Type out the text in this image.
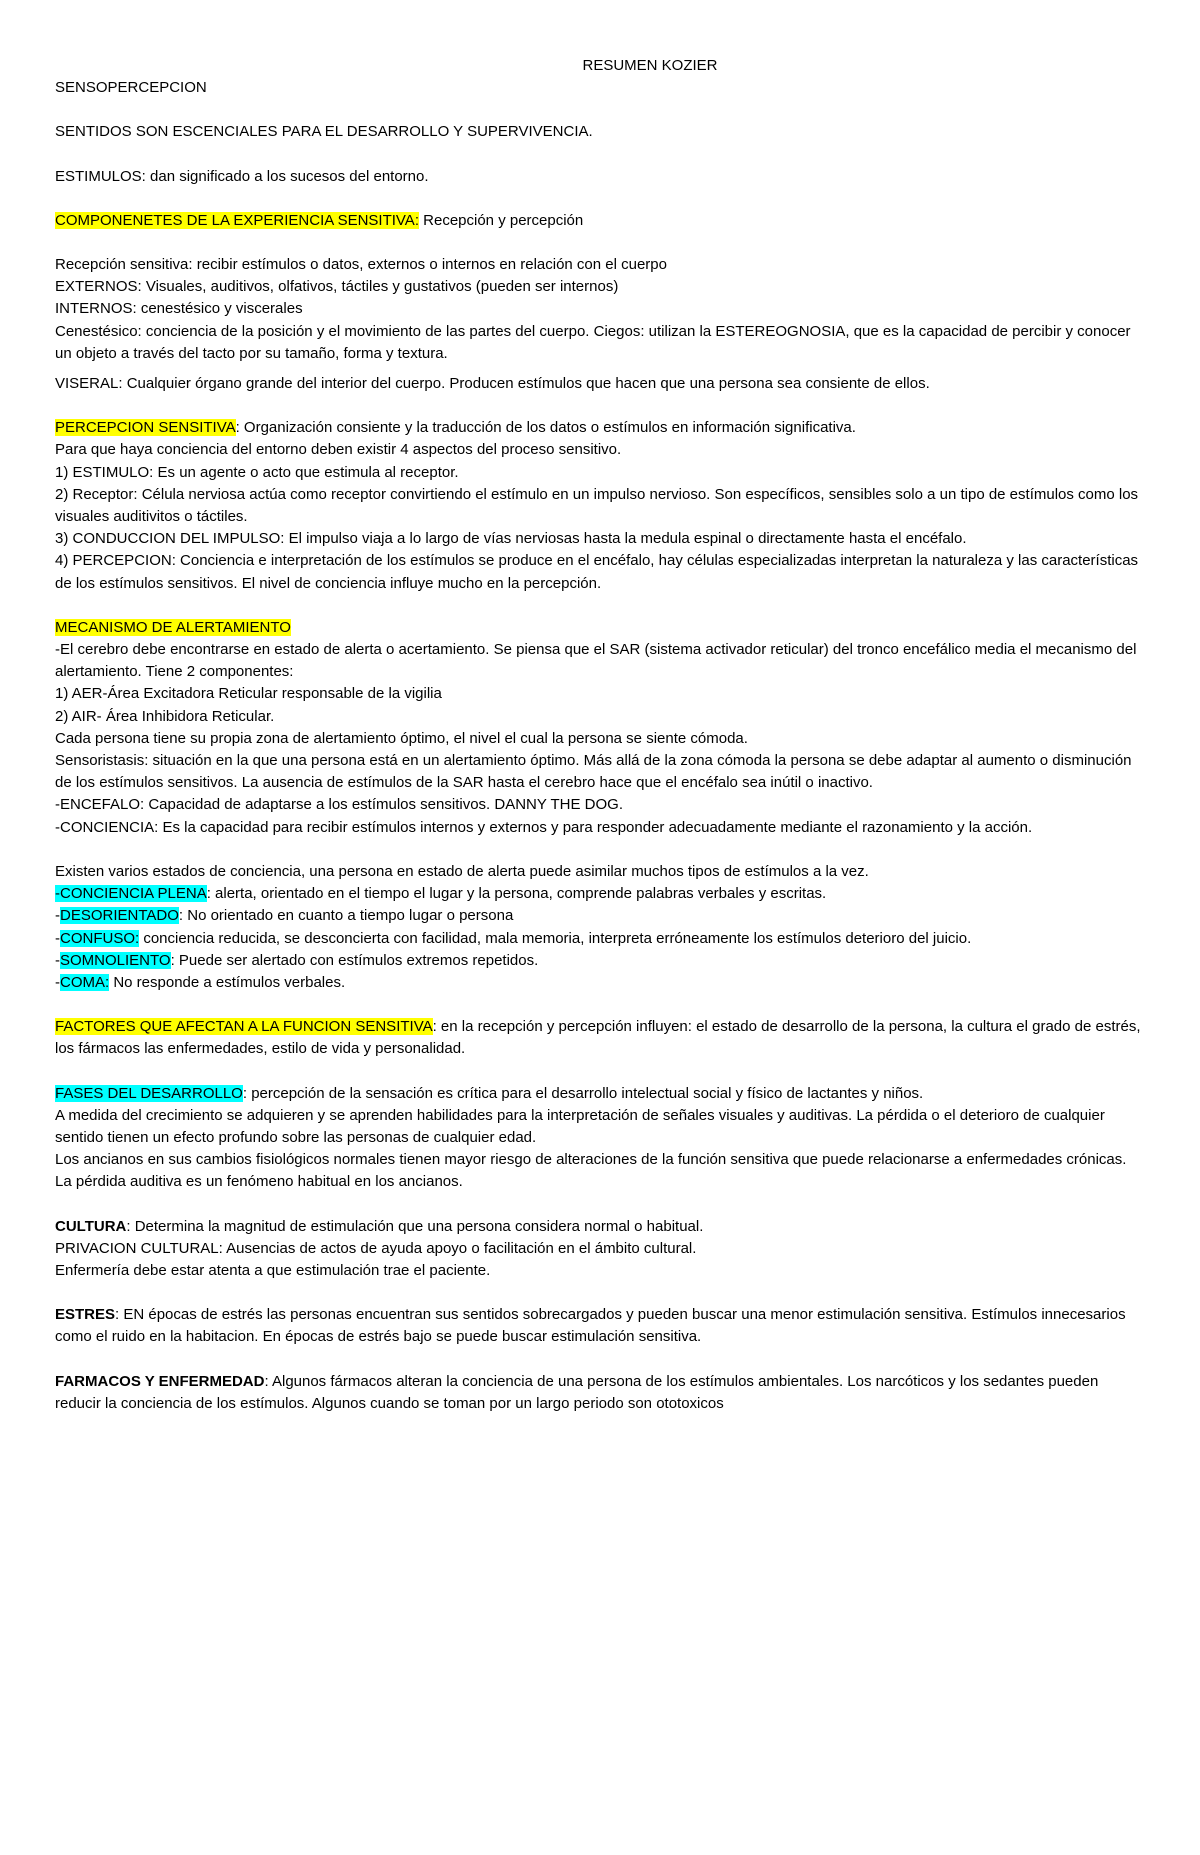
RESUMEN KOZIER

SENSOPERCEPCION

SENTIDOS SON ESCENCIALES PARA EL DESARROLLO Y SUPERVIVENCIA.

ESTIMULOS: dan significado a los sucesos del entorno.

COMPONENETES DE LA EXPERIENCIA SENSITIVA: Recepción y percepción

Recepción sensitiva: recibir estímulos o datos, externos o internos en relación con el cuerpo

EXTERNOS: Visuales, auditivos, olfativos, táctiles y gustativos (pueden ser internos)

INTERNOS: cenestésico y viscerales

Cenestésico: conciencia de la posición y el movimiento de las partes del cuerpo. Ciegos: utilizan la ESTEREOGNOSIA, que es la capacidad de percibir y conocer un objeto a través del tacto por su tamaño, forma y textura.

VISERAL: Cualquier órgano grande del interior del cuerpo. Producen estímulos que hacen que una persona sea consiente de ellos.

PERCEPCION SENSITIVA: Organización consiente y la traducción de los datos o estímulos en información significativa.

Para que haya conciencia del entorno deben existir 4 aspectos del proceso sensitivo.

1) ESTIMULO: Es un agente o acto que estimula al receptor.

2) Receptor: Célula nerviosa actúa como receptor convirtiendo el estímulo en un impulso nervioso. Son específicos, sensibles solo a un tipo de estímulos como los visuales auditivitos o táctiles.

3) CONDUCCION DEL IMPULSO: El impulso viaja a lo largo de vías nerviosas hasta la medula espinal o directamente hasta el encéfalo.

4) PERCEPCION: Conciencia e interpretación de los estímulos se produce en el encéfalo, hay células especializadas interpretan la naturaleza y las características de los estímulos sensitivos. El nivel de conciencia influye mucho en la percepción.

MECANISMO DE ALERTAMIENTO

-El cerebro debe encontrarse en estado de alerta o acertamiento. Se piensa que el SAR (sistema activador reticular) del tronco encefálico media el mecanismo del alertamiento. Tiene 2 componentes:

1) AER-Área Excitadora Reticular responsable de la vigilia

2) AIR- Área Inhibidora Reticular.

Cada persona tiene su propia zona de alertamiento óptimo, el nivel el cual la persona se siente cómoda.

Sensoristasis: situación en la que una persona está en un alertamiento óptimo. Más allá de la zona cómoda la persona se debe adaptar al aumento o disminución de los estímulos sensitivos. La ausencia de estímulos de la SAR hasta el cerebro hace que el encéfalo sea inútil o inactivo.

-ENCEFALO: Capacidad de adaptarse a los estímulos sensitivos. DANNY THE DOG.

-CONCIENCIA: Es la capacidad para recibir estímulos internos y externos y para responder adecuadamente mediante el razonamiento y la acción.

Existen varios estados de conciencia, una persona en estado de alerta puede asimilar muchos tipos de estímulos a la vez.

-CONCIENCIA PLENA: alerta, orientado en el tiempo el lugar y la persona, comprende palabras verbales y escritas.

-DESORIENTADO: No orientado en cuanto a tiempo lugar o persona

-CONFUSO: conciencia reducida, se desconcierta con facilidad, mala memoria, interpreta erróneamente los estímulos deterioro del juicio.

-SOMNOLIENTO: Puede ser alertado con estímulos extremos repetidos.

-COMA: No responde a estímulos verbales.

FACTORES QUE AFECTAN A LA FUNCION SENSITIVA: en la recepción y percepción influyen: el estado de desarrollo de la persona, la cultura el grado de estrés, los fármacos las enfermedades, estilo de vida y personalidad.

FASES DEL DESARROLLO: percepción de la sensación es crítica para el desarrollo intelectual social y físico de lactantes y niños.

A medida del crecimiento se adquieren y se aprenden habilidades para la interpretación de señales visuales y auditivas. La pérdida o el deterioro de cualquier sentido tienen un efecto profundo sobre las personas de cualquier edad.

Los ancianos en sus cambios fisiológicos normales tienen mayor riesgo de alteraciones de la función sensitiva que puede relacionarse a enfermedades crónicas.

La pérdida auditiva es un fenómeno habitual en los ancianos.

CULTURA: Determina la magnitud de estimulación que una persona considera normal o habitual.

PRIVACION CULTURAL: Ausencias de actos de ayuda apoyo o facilitación en el ámbito cultural.

Enfermería debe estar atenta a que estimulación trae el paciente.

ESTRES: EN épocas de estrés las personas encuentran sus sentidos sobrecargados y pueden buscar una menor estimulación sensitiva. Estímulos innecesarios como el ruido en la habitacion. En épocas de estrés bajo se puede buscar estimulación sensitiva.

FARMACOS Y ENFERMEDAD: Algunos fármacos alteran la conciencia de una persona de los estímulos ambientales. Los narcóticos y los sedantes pueden reducir la conciencia de los estímulos. Algunos cuando se toman por un largo periodo son ototoxicos
